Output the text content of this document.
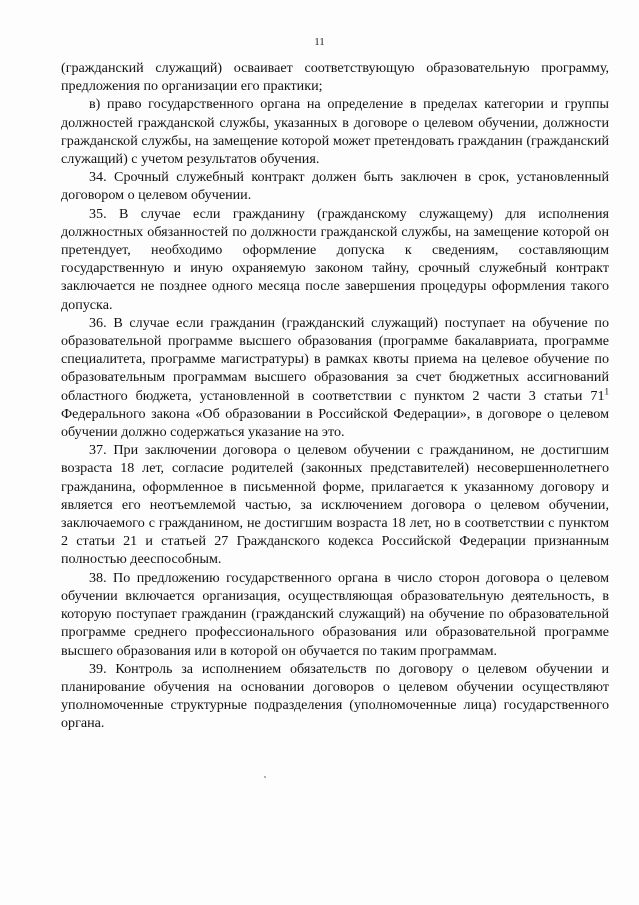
11

(гражданский служащий) осваивает соответствующую образовательную программу, предложения по организации его практики;

в) право государственного органа на определение в пределах категории и группы должностей гражданской службы, указанных в договоре о целевом обучении, должности гражданской службы, на замещение которой может претендовать гражданин (гражданский служащий) с учетом результатов обучения.

34. Срочный служебный контракт должен быть заключен в срок, установленный договором о целевом обучении.

35. В случае если гражданину (гражданскому служащему) для исполнения должностных обязанностей по должности гражданской службы, на замещение которой он претендует, необходимо оформление допуска к сведениям, составляющим государственную и иную охраняемую законом тайну, срочный служебный контракт заключается не позднее одного месяца после завершения процедуры оформления такого допуска.

36. В случае если гражданин (гражданский служащий) поступает на обучение по образовательной программе высшего образования (программе бакалавриата, программе специалитета, программе магистратуры) в рамках квоты приема на целевое обучение по образовательным программам высшего образования за счет бюджетных ассигнований областного бюджета, установленной в соответствии с пунктом 2 части 3 статьи $71^1$ Федерального закона «Об образовании в Российской Федерации», в договоре о целевом обучении должно содержаться указание на это.

37. При заключении договора о целевом обучении с гражданином, не достигшим возраста 18 лет, согласие родителей (законных представителей) несовершеннолетнего гражданина, оформленное в письменной форме, прилагается к указанному договору и является его неотъемлемой частью, за исключением договора о целевом обучении, заключаемого с гражданином, не достигшим возраста 18 лет, но в соответствии с пунктом 2 статьи 21 и статьей 27 Гражданского кодекса Российской Федерации признанным полностью дееспособным.

38. По предложению государственного органа в число сторон договора о целевом обучении включается организация, осуществляющая образовательную деятельность, в которую поступает гражданин (гражданский служащий) на обучение по образовательной программе среднего профессионального образования или образовательной программе высшего образования или в которой он обучается по таким программам.

39. Контроль за исполнением обязательств по договору о целевом обучении и планирование обучения на основании договоров о целевом обучении осуществляют уполномоченные структурные подразделения (уполномоченные лица) государственного органа.
